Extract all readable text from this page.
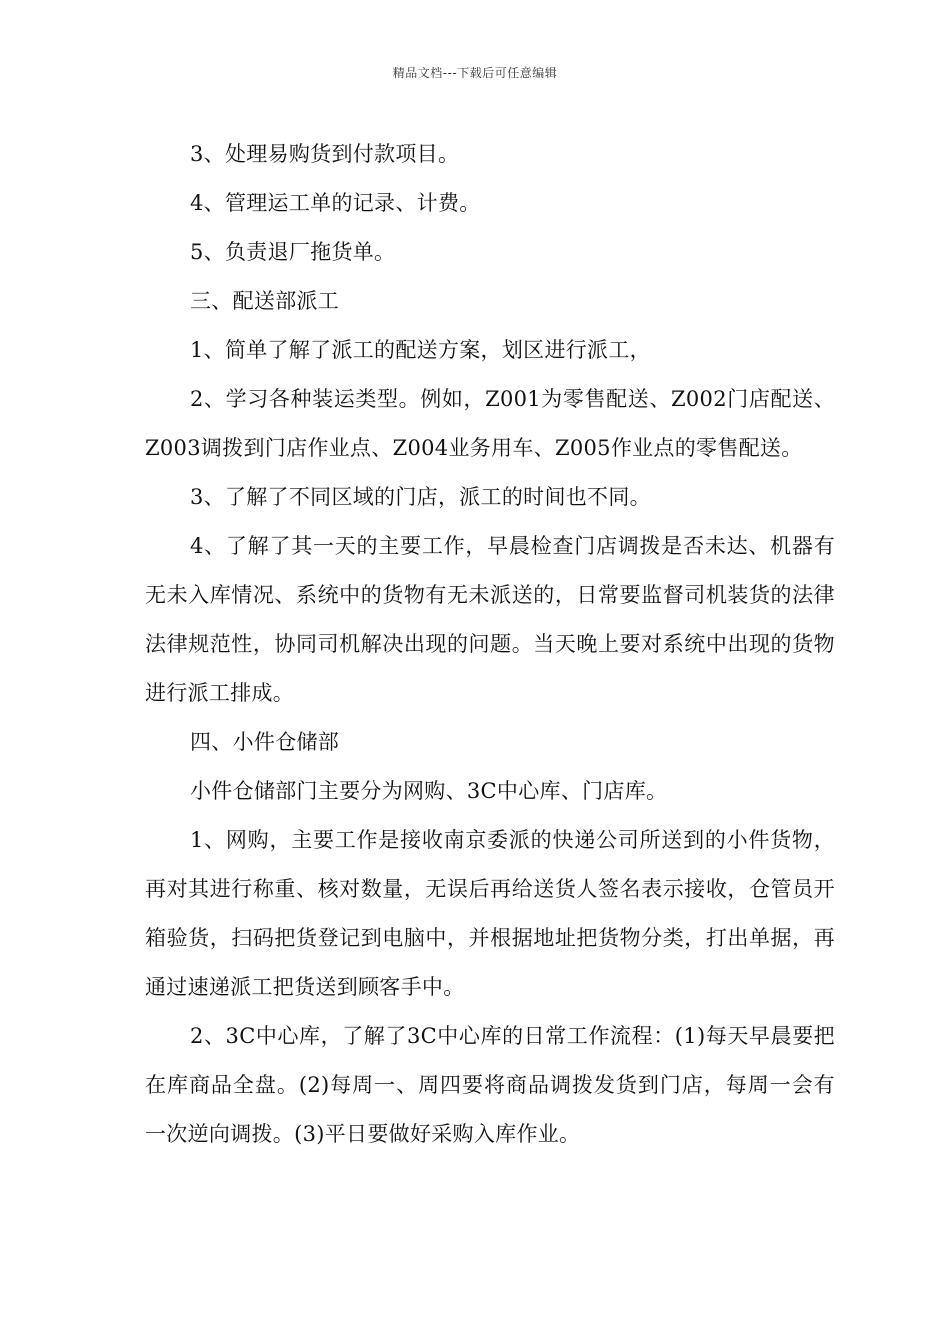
精品文档---下载后可任意编辑

3、处理易购货到付款项目。

4、管理运工单的记录、计费。

5、负责退厂拖货单。

三、配送部派工

1、简单了解了派工的配送方案，划区进行派工，

2、学习各种装运类型。例如，Z001为零售配送、Z002门店配送、Z003调拨到门店作业点、Z004业务用车、Z005作业点的零售配送。

3、了解了不同区域的门店，派工的时间也不同。

4、了解了其一天的主要工作，早晨检查门店调拨是否未达、机器有无未入库情况、系统中的货物有无未派送的，日常要监督司机装货的法律法律规范性，协同司机解决出现的问题。当天晚上要对系统中出现的货物进行派工排成。

四、小件仓储部

小件仓储部门主要分为网购、3C中心库、门店库。

1、网购，主要工作是接收南京委派的快递公司所送到的小件货物，再对其进行称重、核对数量，无误后再给送货人签名表示接收，仓管员开箱验货，扫码把货登记到电脑中，并根据地址把货物分类，打出单据，再通过速递派工把货送到顾客手中。

2、3C中心库，了解了3C中心库的日常工作流程：(1)每天早晨要把在库商品全盘。(2)每周一、周四要将商品调拨发货到门店，每周一会有一次逆向调拨。(3)平日要做好采购入库作业。
